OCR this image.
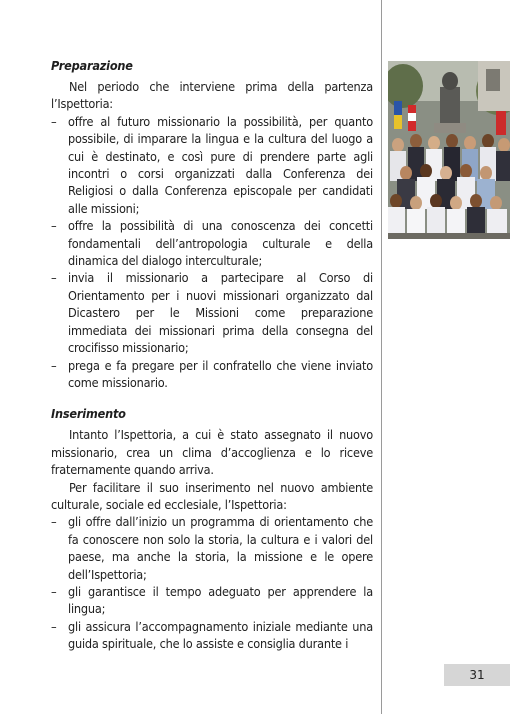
Preparazione

Nel periodo che interviene prima della partenza l’Ispettoria:

– offre al futuro missionario la possibilità, per quanto possibile, di imparare la lingua e la cultura del luogo a cui è destinato, e così pure di prendere parte agli incontri o corsi organizzati dalla Conferenza dei Religiosi o dalla Conferenza episcopale per candidati alle missioni;
– offre la possibilità di una conoscenza dei concetti fondamentali dell’antropologia culturale e della dinamica del dialogo interculturale;
– invia il missionario a partecipare al Corso di Orientamento per i nuovi missionari organizzato dal Dicastero per le Missioni come preparazione immediata dei missionari prima della consegna del crocifisso missionario;
– prega e fa pregare per il confratello che viene inviato come missionario.
Inserimento

Intanto l’Ispettoria, a cui è stato assegnato il nuovo missionario, crea un clima d’accoglienza e lo riceve fraternamente quando arriva.

Per facilitare il suo inserimento nel nuovo ambiente culturale, sociale ed ecclesiale, l’Ispettoria:

– gli offre dall’inizio un programma di orientamento che fa conoscere non solo la storia, la cultura e i valori del paese, ma anche la storia, la missione e le opere dell’Ispettoria;
– gli garantisce il tempo adeguato per apprendere la lingua;
– gli assicura l’accompagnamento iniziale mediante una guida spirituale, che lo assiste e consiglia durante i
31
